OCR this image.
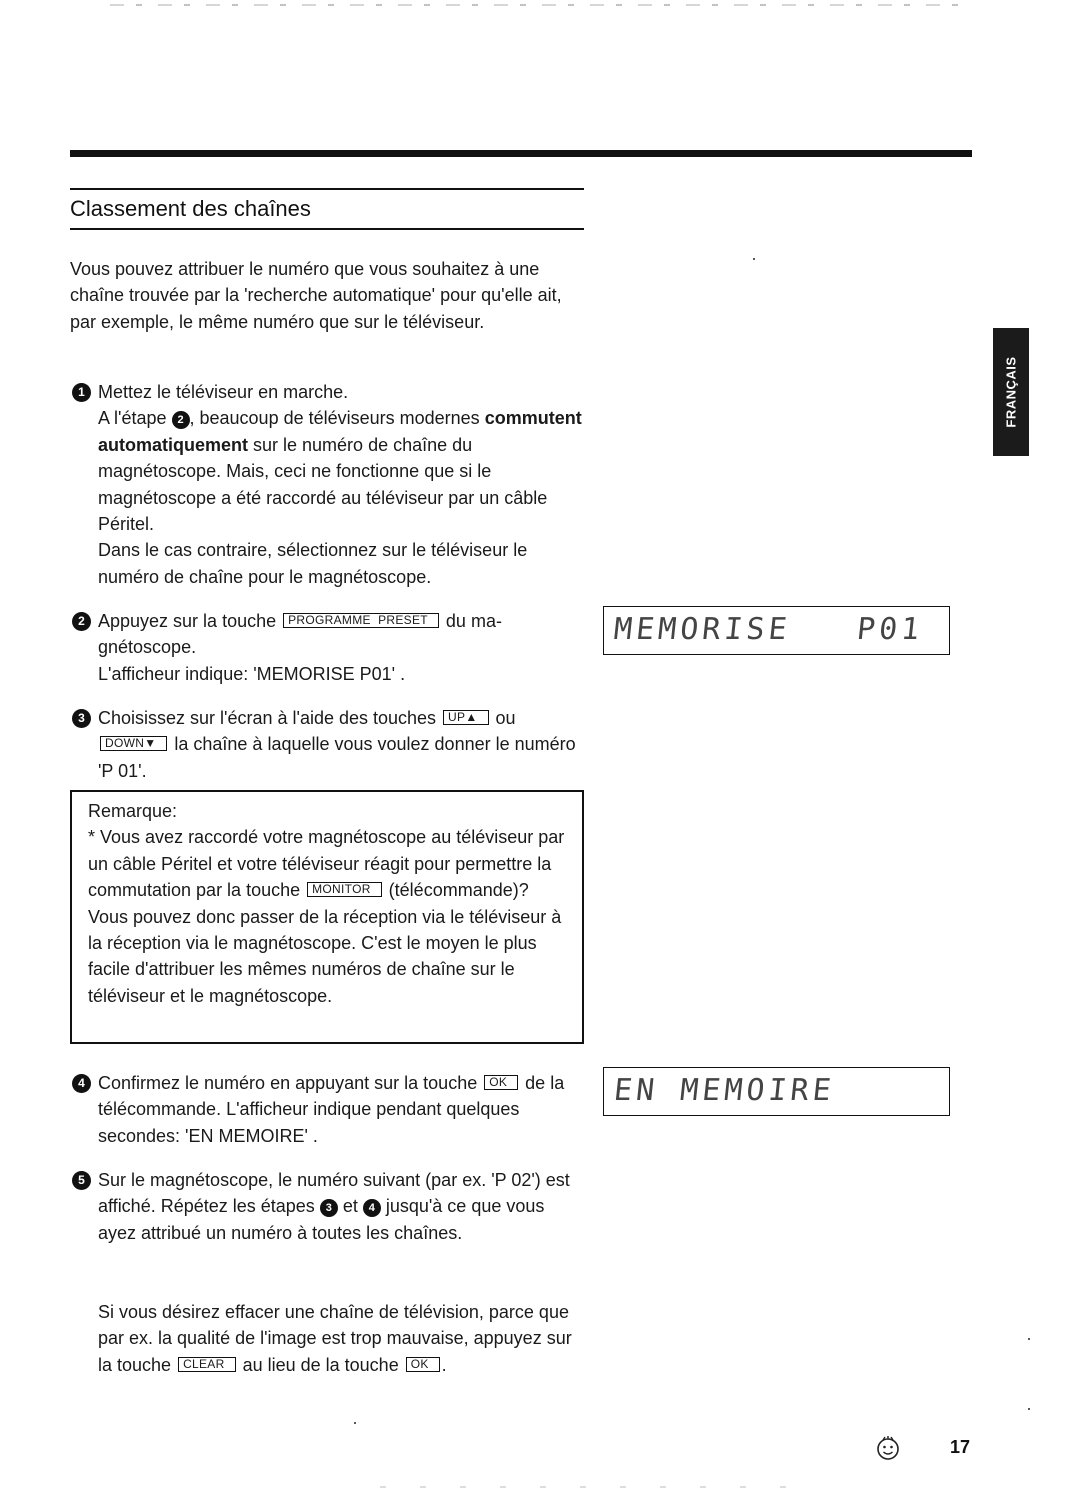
Classement des chaînes

Vous pouvez attribuer le numéro que vous souhaitez à une chaîne trouvée par la 'recherche automatique' pour qu'elle ait, par exemple, le même numéro que sur le téléviseur.

1 Mettez le téléviseur en marche.
A l'étape 2 , beaucoup de téléviseurs modernes commutent automatiquement sur le numéro de chaîne du magnétoscope. Mais, ceci ne fonctionne que si le magnétoscope a été raccordé au téléviseur par un câble Péritel.
Dans le cas contraire, sélectionnez sur le téléviseur le numéro de chaîne pour le magnétoscope.
2 Appuyez sur la touche PROGRAMME  PRESET du magnétoscope.
L'afficheur indique: 'MEMORISE P01' .
3 Choisissez sur l'écran à l'aide des touches UP▲ ou DOWN▼ la chaîne à laquelle vous voulez donner le numéro 'P 01'.

Remarque:

* Vous avez raccordé votre magnétoscope au téléviseur par un câble Péritel et votre téléviseur réagit pour permettre la commutation par la touche MONITOR (télécommande)? Vous pouvez donc passer de la réception via le téléviseur à la réception via le magnétoscope. C'est le moyen le plus facile d'attribuer les mêmes numéros de chaîne sur le téléviseur et le magnétoscope.

4 Confirmez le numéro en appuyant sur la touche OK de la télécommande. L'afficheur indique pendant quelques secondes: 'EN MEMOIRE' .
5 Sur le magnétoscope, le numéro suivant (par ex. 'P 02') est affiché. Répétez les étapes 3 et 4 jusqu'à ce que vous ayez attribué un numéro à toutes les chaînes.
Si vous désirez effacer une chaîne de télévision, parce que par ex. la qualité de l'image est trop mauvaise, appuyez sur la touche CLEAR au lieu de la touche OK .
MEMORISE P01
EN MEMOIRE
FRANÇAIS
17
